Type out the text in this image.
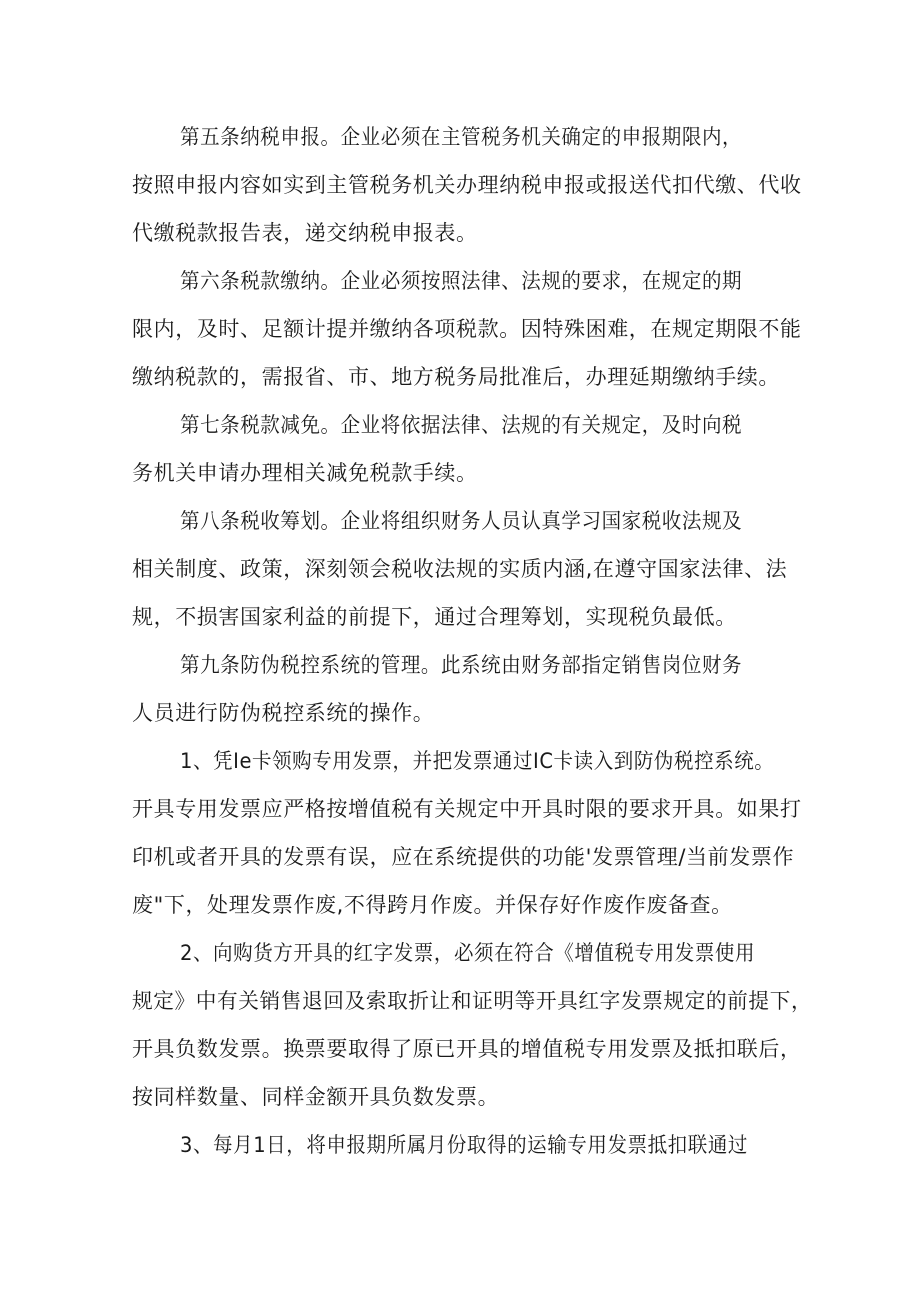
第五条纳税申报。企业必须在主管税务机关确定的申报期限内，
按照申报内容如实到主管税务机关办理纳税申报或报送代扣代缴、代收
代缴税款报告表，递交纳税申报表。
第六条税款缴纳。企业必须按照法律、法规的要求，在规定的期
限内，及时、足额计提并缴纳各项税款。因特殊困难，在规定期限不能
缴纳税款的，需报省、市、地方税务局批准后，办理延期缴纳手续。
第七条税款减免。企业将依据法律、法规的有关规定，及时向税
务机关申请办理相关减免税款手续。
第八条税收筹划。企业将组织财务人员认真学习国家税收法规及
相关制度、政策，深刻领会税收法规的实质内涵,在遵守国家法律、法
规，不损害国家利益的前提下，通过合理筹划，实现税负最低。
第九条防伪税控系统的管理。此系统由财务部指定销售岗位财务
人员进行防伪税控系统的操作。
1、凭Ie卡领购专用发票，并把发票通过IC卡读入到防伪税控系统。
开具专用发票应严格按增值税有关规定中开具时限的要求开具。如果打
印机或者开具的发票有误，应在系统提供的功能'发票管理/当前发票作
废"下，处理发票作废,不得跨月作废。并保存好作废作废备查。
2、向购货方开具的红字发票，必须在符合《增值税专用发票使用
规定》中有关销售退回及索取折让和证明等开具红字发票规定的前提下，
开具负数发票。换票要取得了原已开具的增值税专用发票及抵扣联后，
按同样数量、同样金额开具负数发票。
3、每月1日，将申报期所属月份取得的运输专用发票抵扣联通过
